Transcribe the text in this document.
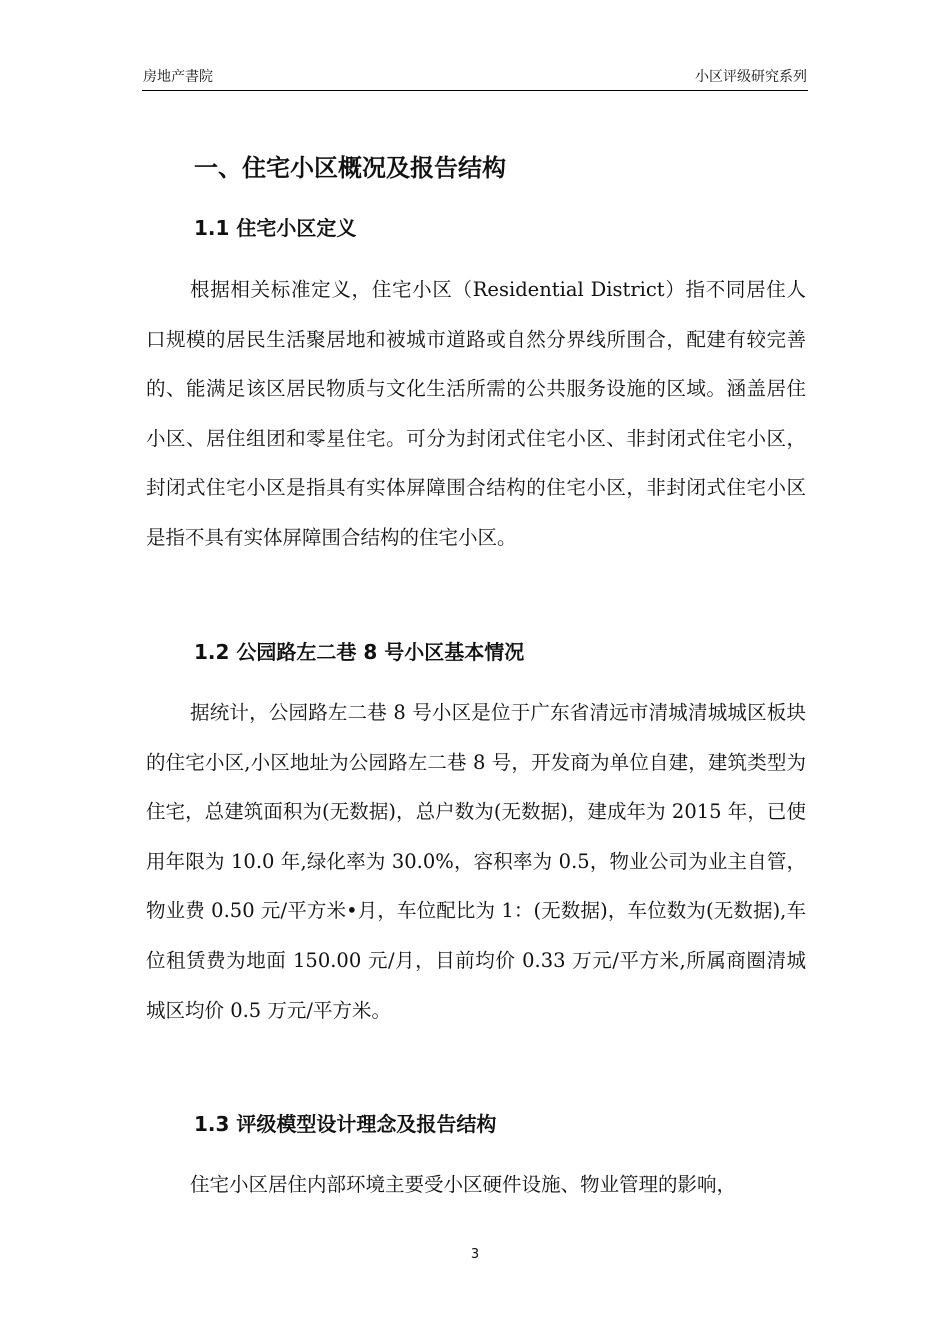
房地产書院	小区评级研究系列
一、住宅小区概况及报告结构
1.1 住宅小区定义

根据相关标准定义，住宅小区（Residential District）指不同居住人口规模的居民生活聚居地和被城市道路或自然分界线所围合，配建有较完善的、能满足该区居民物质与文化生活所需的公共服务设施的区域。涵盖居住小区、居住组团和零星住宅。可分为封闭式住宅小区、非封闭式住宅小区，封闭式住宅小区是指具有实体屏障围合结构的住宅小区，非封闭式住宅小区是指不具有实体屏障围合结构的住宅小区。

1.2 公园路左二巷 8 号小区基本情况

据统计，公园路左二巷 8 号小区是位于广东省清远市清城清城城区板块的住宅小区,小区地址为公园路左二巷 8 号，开发商为单位自建，建筑类型为住宅，总建筑面积为(无数据)，总户数为(无数据)，建成年为 2015 年，已使用年限为 10.0 年,绿化率为 30.0%，容积率为 0.5，物业公司为业主自管，物业费 0.50 元/平方米•月，车位配比为 1：(无数据)，车位数为(无数据),车位租赁费为地面 150.00 元/月，目前均价 0.33 万元/平方米,所属商圈清城城区均价 0.5 万元/平方米。

1.3 评级模型设计理念及报告结构

住宅小区居住内部环境主要受小区硬件设施、物业管理的影响，

3
